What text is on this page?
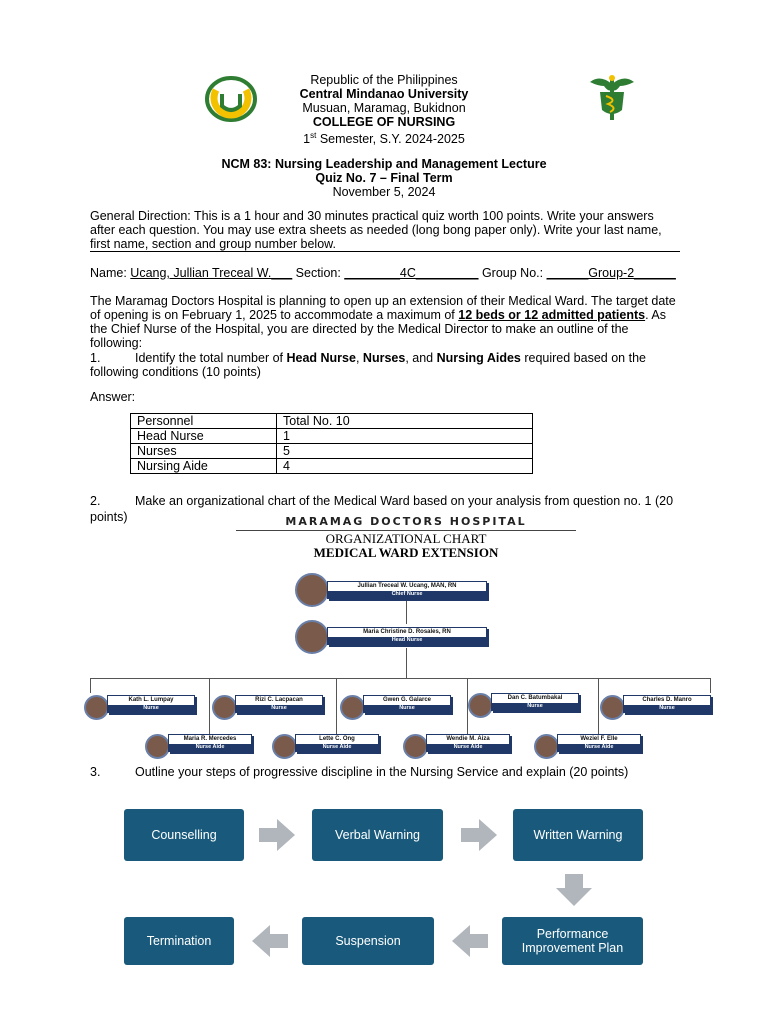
Republic of the Philippines
Central Mindanao University
Musuan, Maramag, Bukidnon
COLLEGE OF NURSING
1st Semester, S.Y. 2024-2025
NCM 83: Nursing Leadership and Management Lecture
Quiz No. 7 – Final Term
November 5, 2024
General Direction: This is a 1 hour and 30 minutes practical quiz worth 100 points. Write your answers after each question. You may use extra sheets as needed (long bong paper only). Write your last name, first name, section and group number below.
Name: Ucang, Jullian Treceal W.___ Section: ________4C_________ Group No.: ______Group-2______
The Maramag Doctors Hospital is planning to open up an extension of their Medical Ward. The target date of opening is on February 1, 2025 to accommodate a maximum of 12 beds or 12 admitted patients. As the Chief Nurse of the Hospital, you are directed by the Medical Director to make an outline of the following:
1.	Identify the total number of Head Nurse, Nurses, and Nursing Aides required based on the following conditions (10 points)
Answer:
Personnel	Total No. 10
Head Nurse	1
Nurses	5
Nursing Aide	4
2.	Make an organizational chart of the Medical Ward based on your analysis from question no. 1 (20
points)	MARAMAG DOCTORS HOSPITAL
ORGANIZATIONAL CHART
MEDICAL WARD EXTENSION
Jullian Treceal W. Ucang, MAN, RN
Chief Nurse
Maria Christine D. Rosales, RN
Head Nurse
Kath L. Lumpay
Nurse
Rizi C. Lacpacan
Nurse
Gwen G. Galarce
Nurse
Dan C. Batumbakal
Nurse
Charles D. Manro
Nurse
Maria R. Mercedes
Nurse Aide
Lette C. Ong
Nurse Aide
Wendie M. Aiza
Nurse Aide
Weziel F. Elle
Nurse Aide
3.	Outline your steps of progressive discipline in the Nursing Service and explain (20 points)
Counselling	Verbal Warning	Written Warning
Performance Improvement Plan
Suspension
Termination
